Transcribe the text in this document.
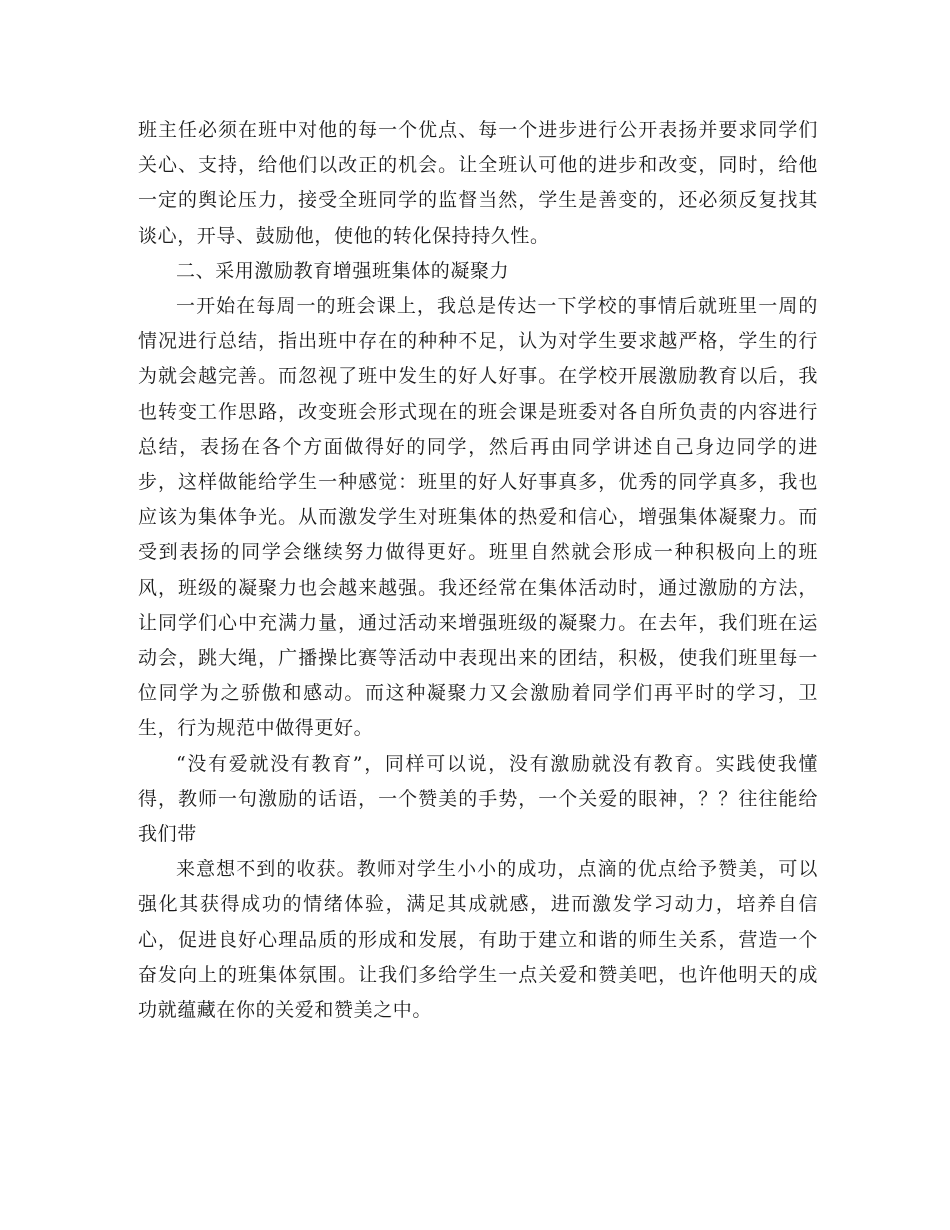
班主任必须在班中对他的每一个优点、每一个进步进行公开表扬并要求同学们关心、支持，给他们以改正的机会。让全班认可他的进步和改变，同时，给他一定的舆论压力，接受全班同学的监督当然，学生是善变的，还必须反复找其谈心，开导、鼓励他，使他的转化保持持久性。

二、采用激励教育增强班集体的凝聚力

一开始在每周一的班会课上，我总是传达一下学校的事情后就班里一周的情况进行总结，指出班中存在的种种不足，认为对学生要求越严格，学生的行为就会越完善。而忽视了班中发生的好人好事。在学校开展激励教育以后，我也转变工作思路，改变班会形式现在的班会课是班委对各自所负责的内容进行总结，表扬在各个方面做得好的同学，然后再由同学讲述自己身边同学的进步，这样做能给学生一种感觉：班里的好人好事真多，优秀的同学真多，我也应该为集体争光。从而激发学生对班集体的热爱和信心，增强集体凝聚力。而受到表扬的同学会继续努力做得更好。班里自然就会形成一种积极向上的班风，班级的凝聚力也会越来越强。我还经常在集体活动时，通过激励的方法，让同学们心中充满力量，通过活动来增强班级的凝聚力。在去年，我们班在运动会，跳大绳，广播操比赛等活动中表现出来的团结，积极，使我们班里每一位同学为之骄傲和感动。而这种凝聚力又会激励着同学们再平时的学习，卫生，行为规范中做得更好。

“没有爱就没有教育”，同样可以说，没有激励就没有教育。实践使我懂得，教师一句激励的话语，一个赞美的手势，一个关爱的眼神，？？往往能给我们带

来意想不到的收获。教师对学生小小的成功，点滴的优点给予赞美，可以强化其获得成功的情绪体验，满足其成就感，进而激发学习动力，培养自信心，促进良好心理品质的形成和发展，有助于建立和谐的师生关系，营造一个奋发向上的班集体氛围。让我们多给学生一点关爱和赞美吧，也许他明天的成功就蕴藏在你的关爱和赞美之中。
